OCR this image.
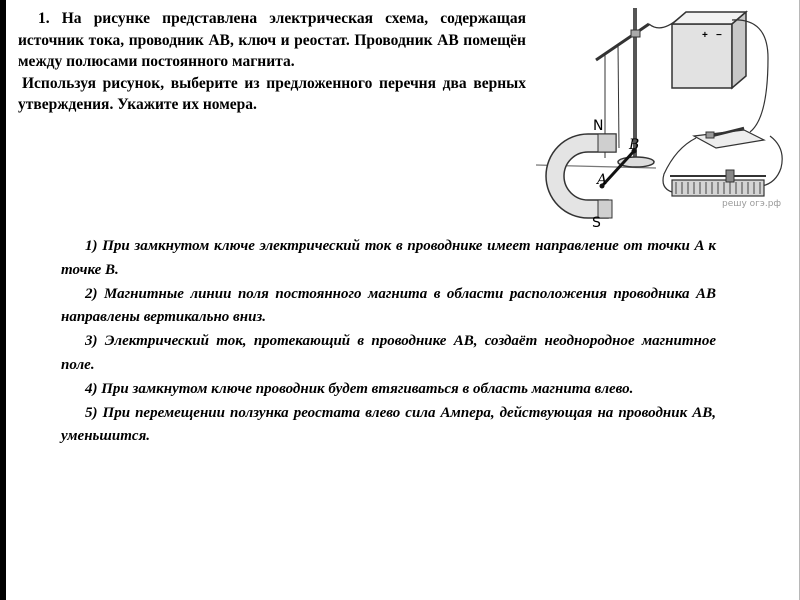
1. На рисунке представлена электрическая схема, содержащая источник тока, проводник AB, ключ и реостат. Проводник AB помещён между полюсами постоянного магнита.

Используя рисунок, выберите из предложенного перечня два верных утверждения. Укажите их номера.

+ −
N
S
B
A
решу огэ.рф

1) При замкнутом ключе электрический ток в проводнике имеет направление от точки A к точке B.

2) Магнитные линии поля постоянного магнита в области расположения проводника AB направлены вертикально вниз.

3) Электрический ток, протекающий в проводнике AB, создаёт неоднородное магнитное поле.

4) При замкнутом ключе проводник будет втягиваться в область магнита влево.

5) При перемещении ползунка реостата влево сила Ампера, действующая на проводник AB, уменьшится.
